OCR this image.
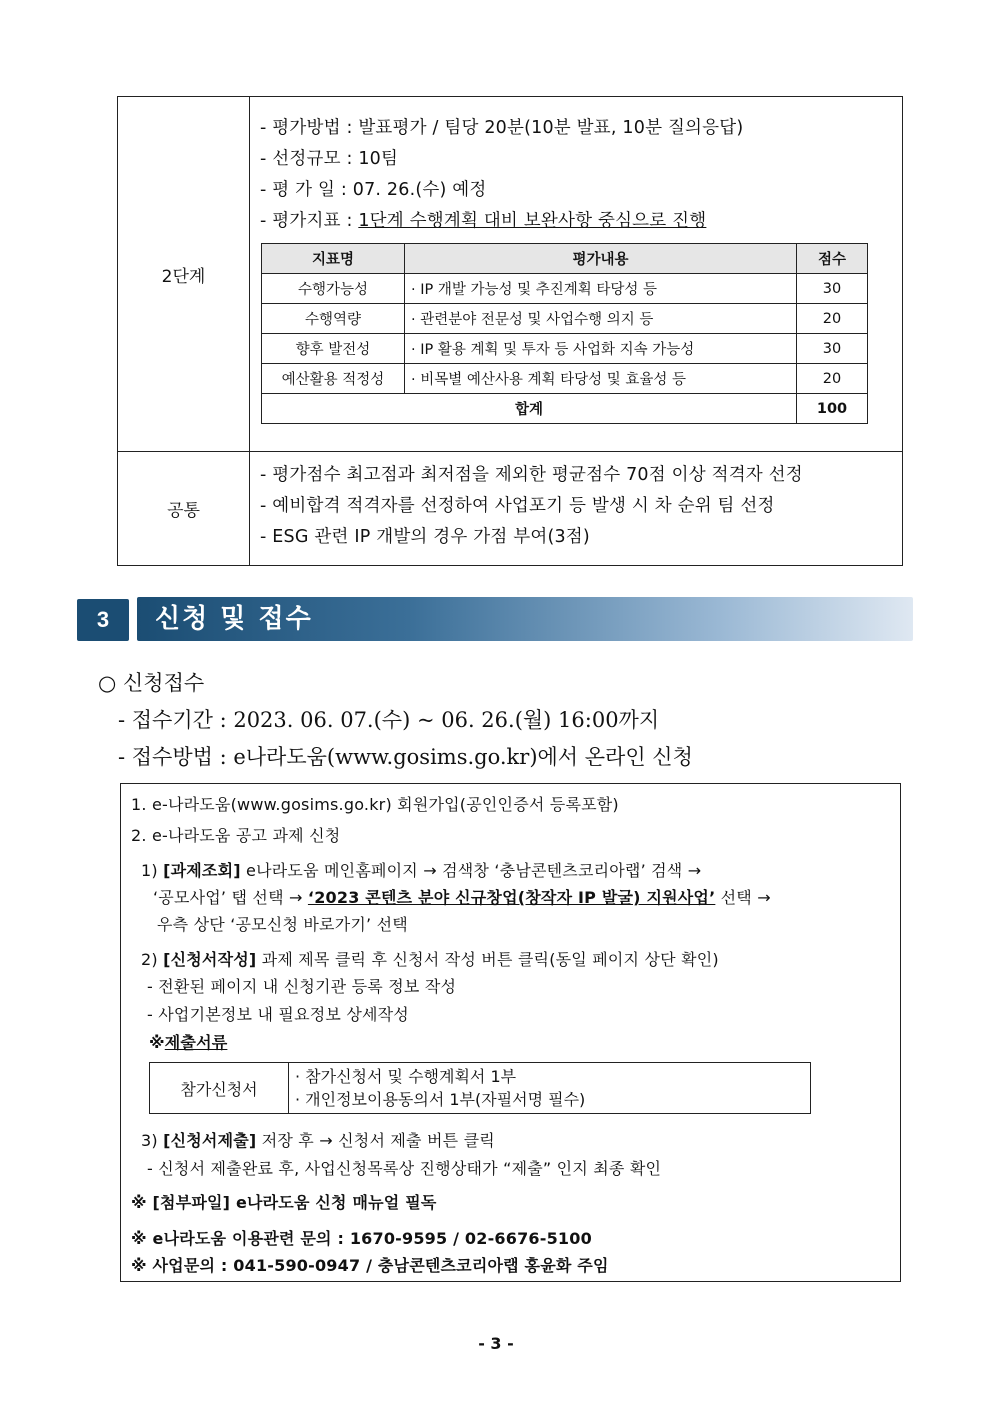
2단계	
- 평가방법 : 발표평가 / 팀당 20분(10분 발표, 10분 질의응답)
- 선정규모 : 10팀
- 평 가 일 : 07. 26.(수) 예정
- 평가지표 : 1단계 수행계획 대비 보완사항 중심으로 진행
지표명	평가내용	점수
수행가능성	· IP 개발 가능성 및 추진계획 타당성 등	30
수행역량	· 관련분야 전문성 및 사업수행 의지 등	20
향후 발전성	· IP 활용 계획 및 투자 등 사업화 지속 가능성	30
예산활용 적정성	· 비목별 예산사용 계획 타당성 및 효율성 등	20
합계	100

공통	
- 평가점수 최고점과 최저점을 제외한 평균점수 70점 이상 적격자 선정
- 예비합격 적격자를 선정하여 사업포기 등 발생 시 차 순위 팀 선정
- ESG 관련 IP 개발의 경우 가점 부여(3점)
3	신청 및 접수
○ 신청접수
- 접수기간 : 2023. 06. 07.(수) ~ 06. 26.(월) 16:00까지
- 접수방법 : e나라도움(www.gosims.go.kr)에서 온라인 신청
1. e-나라도움(www.gosims.go.kr) 회원가입(공인인증서 등록포함)
2. e-나라도움 공고 과제 신청
1) [과제조회] e나라도움 메인홈페이지 → 검색창 ‘충남콘텐츠코리아랩’ 검색 →
‘공모사업’ 탭 선택 → ‘2023 콘텐츠 분야 신규창업(창작자 IP 발굴) 지원사업’ 선택 →
우측 상단 ‘공모신청 바로가기’ 선택
2) [신청서작성] 과제 제목 클릭 후 신청서 작성 버튼 클릭(동일 페이지 상단 확인)
- 전환된 페이지 내 신청기관 등록 정보 작성
- 사업기본정보 내 필요정보 상세작성
※제출서류
참가신청서	
· 참가신청서 및 수행계획서 1부
· 개인정보이용동의서 1부(자필서명 필수)
3) [신청서제출] 저장 후 → 신청서 제출 버튼 클릭
- 신청서 제출완료 후, 사업신청목록상 진행상태가 “제출” 인지 최종 확인
※ [첨부파일] e나라도움 신청 매뉴얼 필독
※ e나라도움 이용관련 문의 : 1670-9595 / 02-6676-5100
※ 사업문의 : 041-590-0947 / 충남콘텐츠코리아랩 홍윤화 주임
- 3 -
